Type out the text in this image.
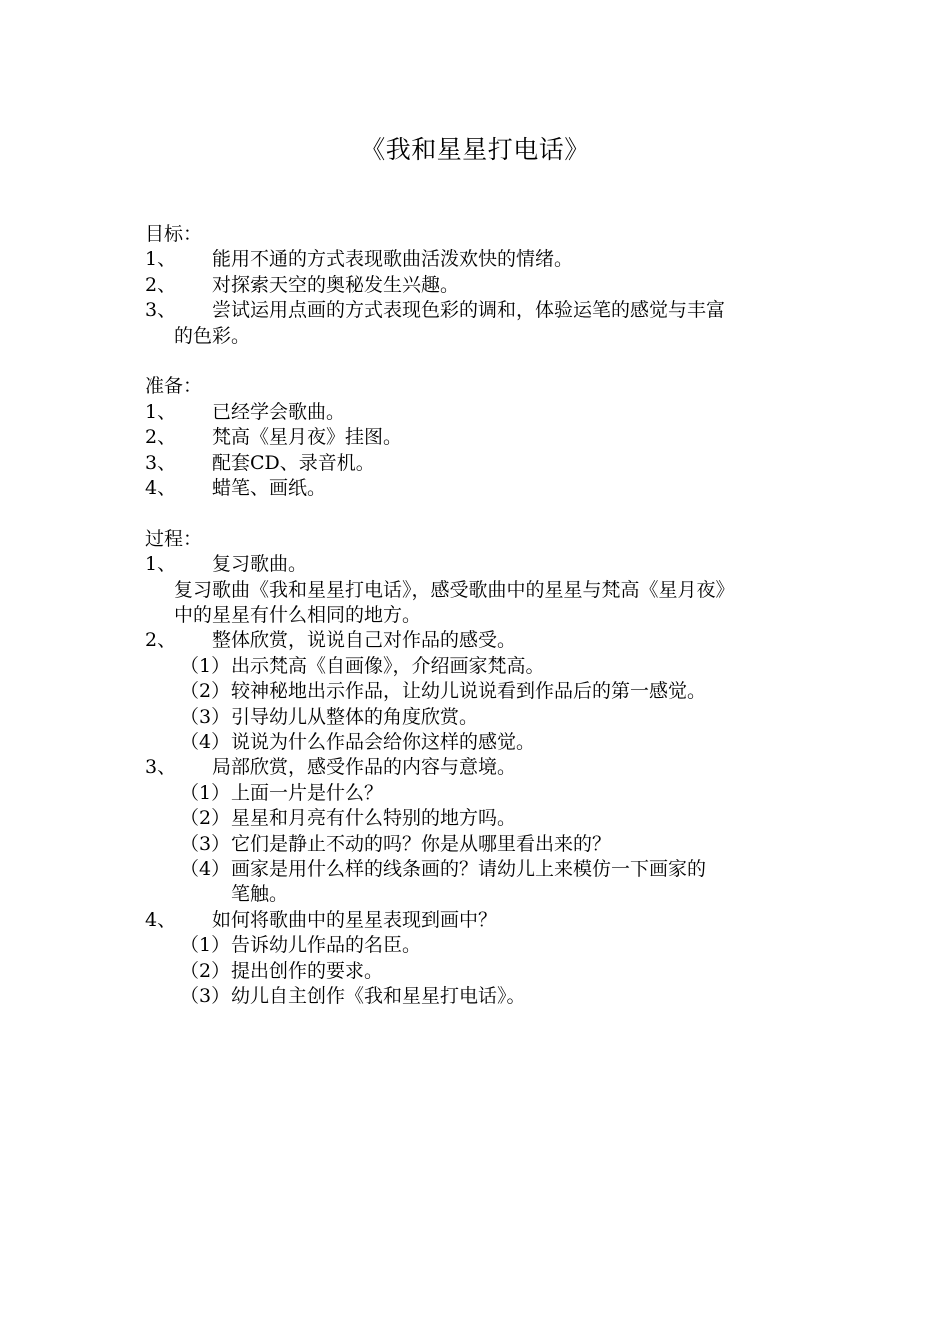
《我和星星打电话》
目标：
1、 能用不通的方式表现歌曲活泼欢快的情绪。
2、 对探索天空的奥秘发生兴趣。
3、 尝试运用点画的方式表现色彩的调和，体验运笔的感觉与丰富
的色彩。
准备：
1、 已经学会歌曲。
2、 梵高《星月夜》挂图。
3、 配套CD、录音机。
4、 蜡笔、画纸。
过程：
1、 复习歌曲。
复习歌曲《我和星星打电话》，感受歌曲中的星星与梵高《星月夜》
中的星星有什么相同的地方。
2、 整体欣赏，说说自己对作品的感受。
（1） 出示梵高《自画像》，介绍画家梵高。
（2） 较神秘地出示作品，让幼儿说说看到作品后的第一感觉。
（3） 引导幼儿从整体的角度欣赏。
（4） 说说为什么作品会给你这样的感觉。
3、 局部欣赏，感受作品的内容与意境。
（1） 上面一片是什么？
（2） 星星和月亮有什么特别的地方吗。
（3） 它们是静止不动的吗？你是从哪里看出来的？
（4） 画家是用什么样的线条画的？请幼儿上来模仿一下画家的
笔触。
4、 如何将歌曲中的星星表现到画中？
（1） 告诉幼儿作品的名臣。
（2） 提出创作的要求。
（3） 幼儿自主创作《我和星星打电话》。
